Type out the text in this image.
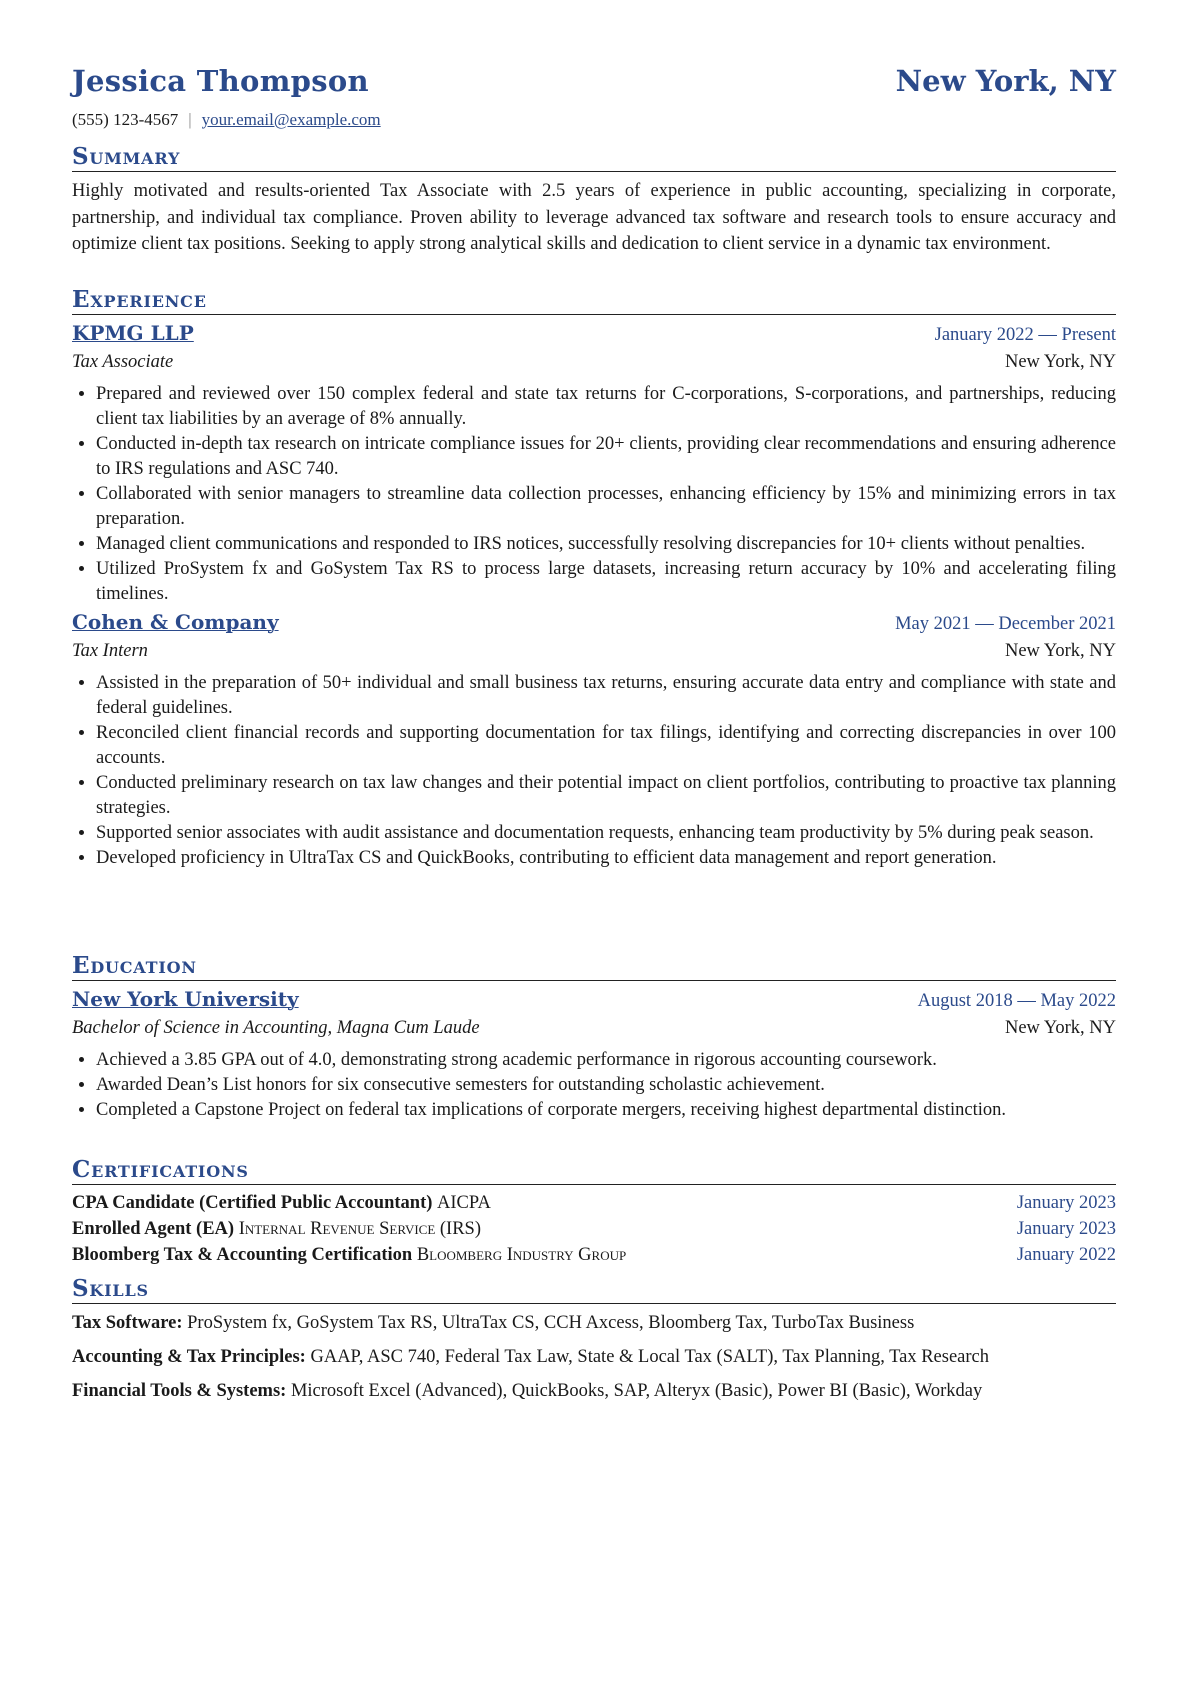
Jessica Thompson	New York, NY
(555) 123-4567 | your.email@example.com
Summary
Highly motivated and results-oriented Tax Associate with 2.5 years of experience in public accounting, specializing in corporate, partnership, and individual tax compliance. Proven ability to leverage advanced tax software and research tools to ensure accuracy and optimize client tax positions. Seeking to apply strong analytical skills and dedication to client service in a dynamic tax environment.
Experience
KPMG LLP	January 2022 — Present
Tax Associate	New York, NY
• Prepared and reviewed over 150 complex federal and state tax returns for C-corporations, S-corporations, and partnerships, reducing client tax liabilities by an average of 8% annually.
• Conducted in-depth tax research on intricate compliance issues for 20+ clients, providing clear recommendations and ensuring adherence to IRS regulations and ASC 740.
• Collaborated with senior managers to streamline data collection processes, enhancing efficiency by 15% and minimizing errors in tax preparation.
• Managed client communications and responded to IRS notices, successfully resolving discrepancies for 10+ clients without penalties.
• Utilized ProSystem fx and GoSystem Tax RS to process large datasets, increasing return accuracy by 10% and accelerating filing timelines.
Cohen & Company	May 2021 — December 2021
Tax Intern	New York, NY
• Assisted in the preparation of 50+ individual and small business tax returns, ensuring accurate data entry and compliance with state and federal guidelines.
• Reconciled client financial records and supporting documentation for tax filings, identifying and correcting discrepancies in over 100 accounts.
• Conducted preliminary research on tax law changes and their potential impact on client portfolios, contributing to proactive tax planning strategies.
• Supported senior associates with audit assistance and documentation requests, enhancing team productivity by 5% during peak season.
• Developed proficiency in UltraTax CS and QuickBooks, contributing to efficient data management and report generation.
Education
New York University	August 2018 — May 2022
Bachelor of Science in Accounting, Magna Cum Laude	New York, NY
• Achieved a 3.85 GPA out of 4.0, demonstrating strong academic performance in rigorous accounting coursework.
• Awarded Dean’s List honors for six consecutive semesters for outstanding scholastic achievement.
• Completed a Capstone Project on federal tax implications of corporate mergers, receiving highest departmental distinction.
Certifications
CPA Candidate (Certified Public Accountant) AICPA	January 2023
Enrolled Agent (EA) Internal Revenue Service (IRS)	January 2023
Bloomberg Tax & Accounting Certification Bloomberg Industry Group	January 2022
Skills
Tax Software: ProSystem fx, GoSystem Tax RS, UltraTax CS, CCH Axcess, Bloomberg Tax, TurboTax Business
Accounting & Tax Principles: GAAP, ASC 740, Federal Tax Law, State & Local Tax (SALT), Tax Planning, Tax Research
Financial Tools & Systems: Microsoft Excel (Advanced), QuickBooks, SAP, Alteryx (Basic), Power BI (Basic), Workday
